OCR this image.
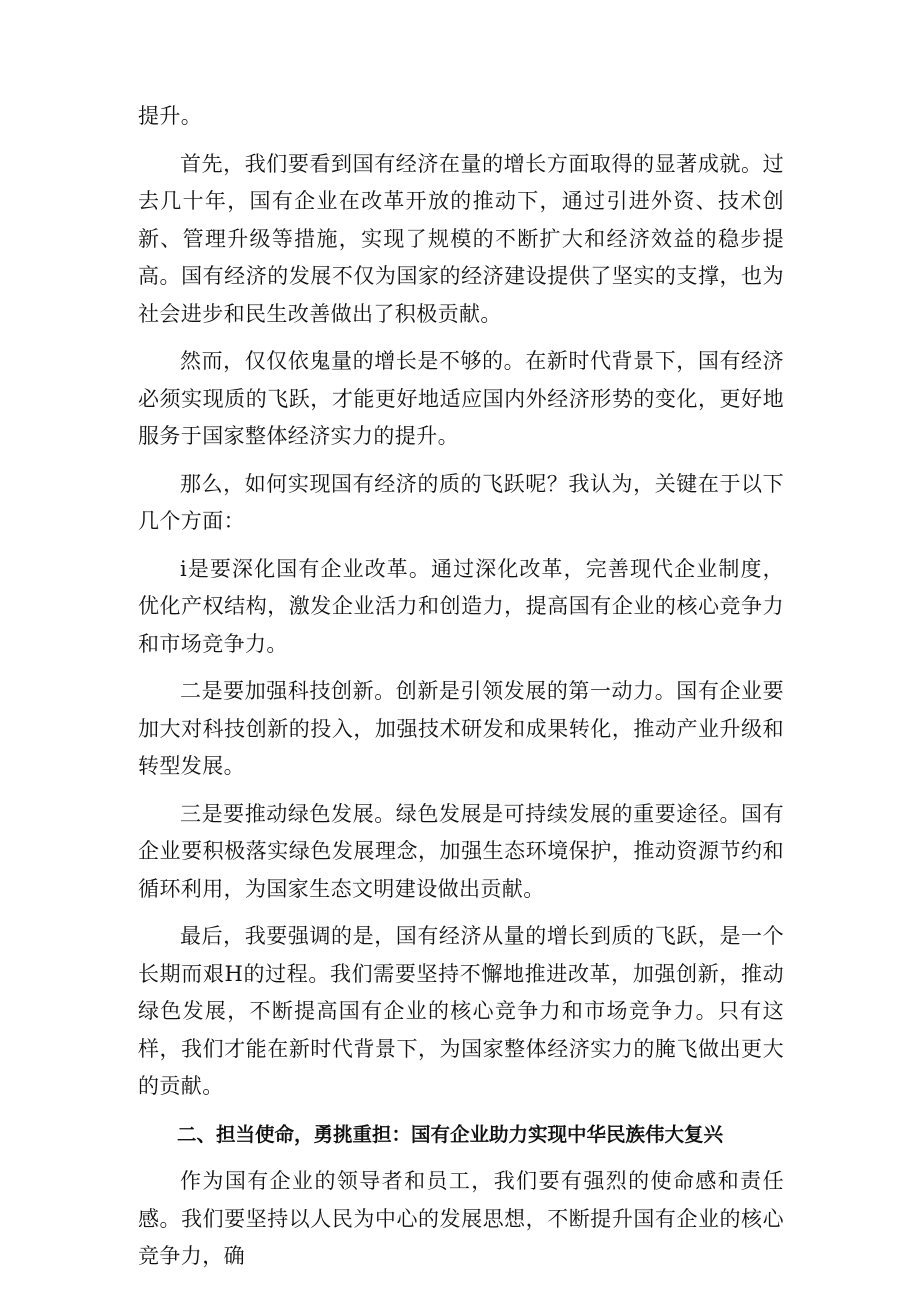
提升。

首先，我们要看到国有经济在量的增长方面取得的显著成就。过去几十年，国有企业在改革开放的推动下，通过引进外资、技术创新、管理升级等措施，实现了规模的不断扩大和经济效益的稳步提高。国有经济的发展不仅为国家的经济建设提供了坚实的支撑，也为社会进步和民生改善做出了积极贡献。

然而，仅仅依鬼量的增长是不够的。在新时代背景下，国有经济必须实现质的飞跃，才能更好地适应国内外经济形势的变化，更好地服务于国家整体经济实力的提升。

那么，如何实现国有经济的质的飞跃呢？我认为，关键在于以下几个方面：

i是要深化国有企业改革。通过深化改革，完善现代企业制度，优化产权结构，激发企业活力和创造力，提高国有企业的核心竞争力和市场竞争力。

二是要加强科技创新。创新是引领发展的第一动力。国有企业要加大对科技创新的投入，加强技术研发和成果转化，推动产业升级和转型发展。

三是要推动绿色发展。绿色发展是可持续发展的重要途径。国有企业要积极落实绿色发展理念，加强生态环境保护，推动资源节约和循环利用，为国家生态文明建设做出贡献。

最后，我要强调的是，国有经济从量的增长到质的飞跃，是一个长期而艰H的过程。我们需要坚持不懈地推进改革，加强创新，推动绿色发展，不断提高国有企业的核心竞争力和市场竞争力。只有这样，我们才能在新时代背景下，为国家整体经济实力的腌飞做出更大的贡献。

二、担当使命，勇挑重担：国有企业助力实现中华民族伟大复兴

作为国有企业的领导者和员工，我们要有强烈的使命感和责任感。我们要坚持以人民为中心的发展思想，不断提升国有企业的核心竞争力，确
